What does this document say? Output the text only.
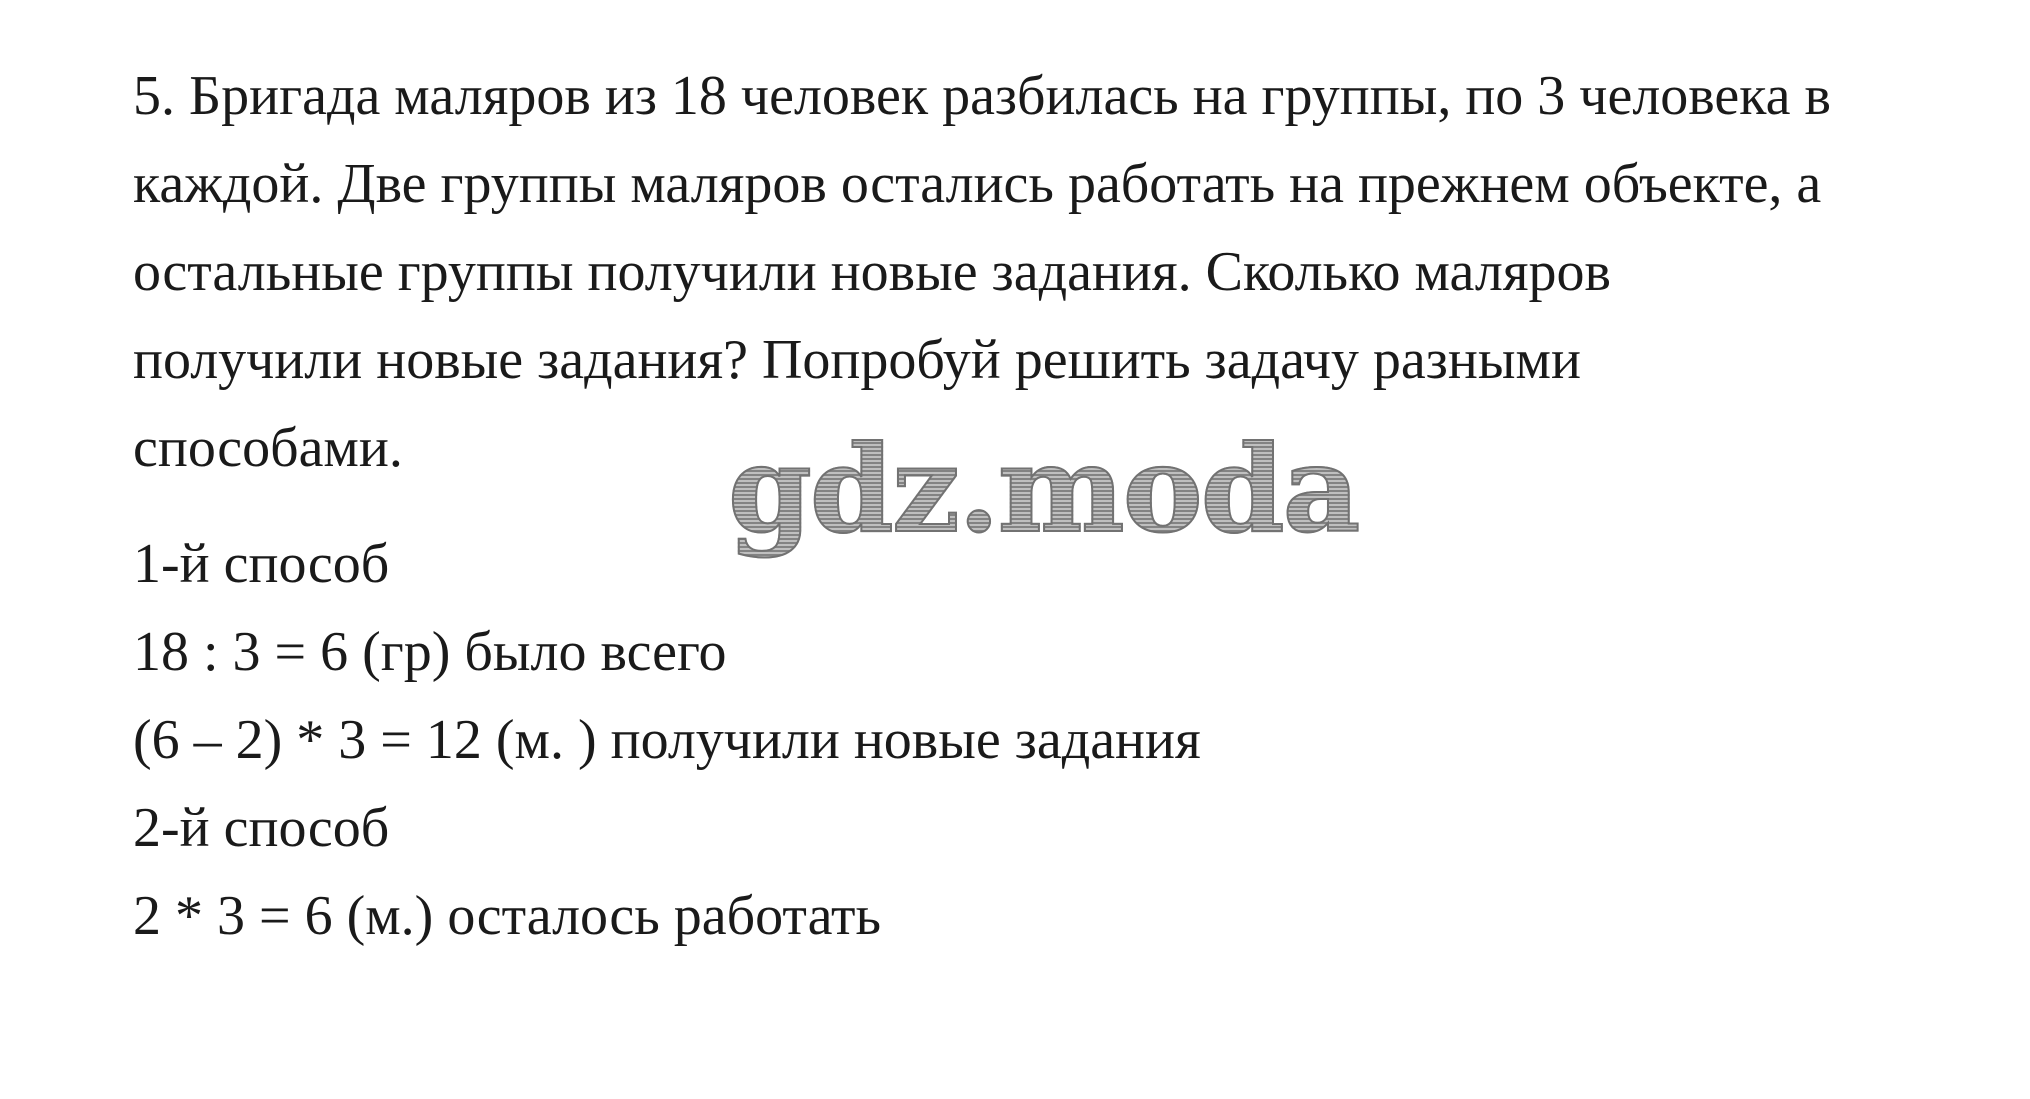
5. Бригада маляров из 18 человек разбилась на группы, по 3 человека в
каждой. Две группы маляров остались работать на прежнем объекте, а
остальные группы получили новые задания. Сколько маляров
получили новые задания? Попробуй решить задачу разными
способами.	gdz.moda
1-й способ
18 : 3 = 6 (гр) было всего
(6 – 2) * 3 = 12 (м. ) получили новые задания
2-й способ
2 * 3 = 6 (м.) осталось работать
